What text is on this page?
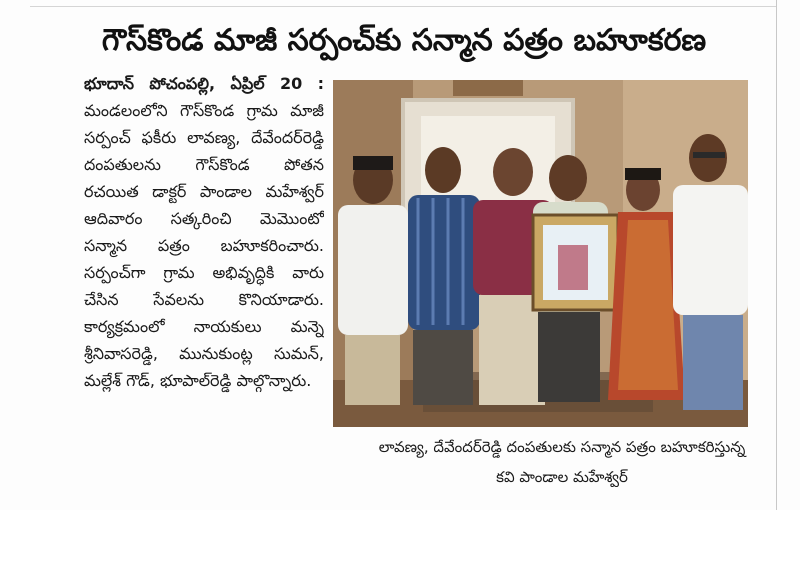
గౌస్‌కొండ మాజీ సర్పంచ్‌కు సన్మాన పత్రం బహూకరణ

భూదాన్ పోచంపల్లి, ఏప్రిల్ 20 : మండలంలోని గౌస్‌కొండ గ్రామ మాజీ సర్పంచ్ ఫకీరు లావణ్య, దేవేందర్‌రెడ్డి దంపతులను గౌస్‌కొండ పోతన రచయిత డాక్టర్ పాండాల మహేశ్వర్ ఆదివారం సత్కరించి మెమొంటో సన్మాన పత్రం బహూకరించారు. సర్పంచ్‌గా గ్రామ అభివృద్ధికి వారు చేసిన సేవలను కొనియాడారు. కార్యక్రమంలో నాయకులు మన్నె శ్రీనివాసరెడ్డి, మునుకుంట్ల సుమన్, మల్లేశ్ గౌడ్, భూపాల్‌రెడ్డి పాల్గొన్నారు.

లావణ్య, దేవేందర్‌రెడ్డి దంపతులకు సన్మాన పత్రం బహూకరిస్తున్న కవి పాండాల మహేశ్వర్
